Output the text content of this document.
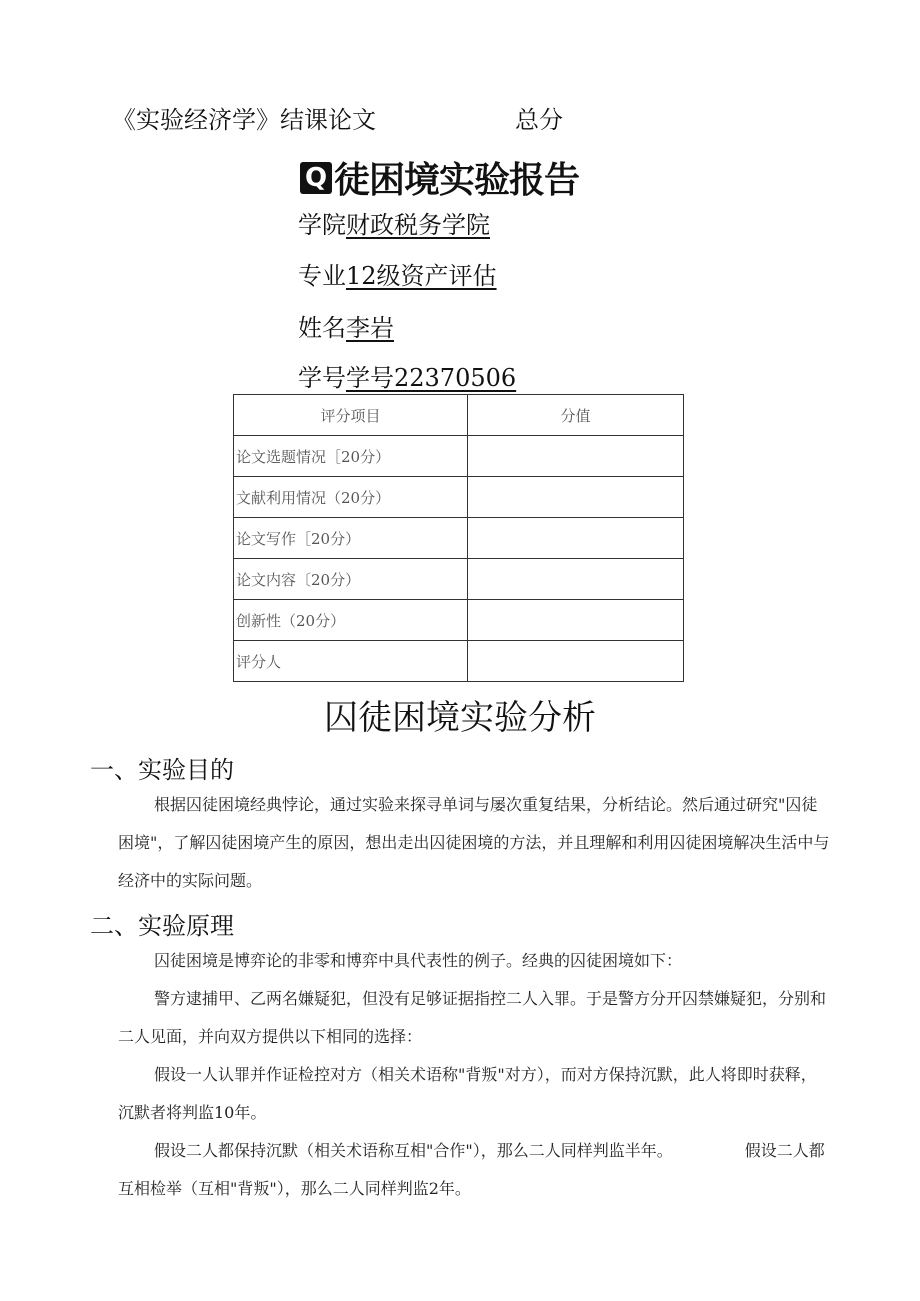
《实验经济学》结课论文	总分
Q 徒困境实验报告
学院财政税务学院
专业12级资产评估
姓名李岩
学号学号22370506
评分项目	分值
论文选题情况［20分）	
文献利用情况（20分）	
论文写作［20分）	
论文内容〔20分）	
创新性（20分）	
评分人	
囚徒困境实验分析
一、实验目的

根据囚徒困境经典悖论，通过实验来探寻单词与屡次重复结果，分析结论。然后通过研究"囚徒困境"，了解囚徒困境产生的原因，想出走出囚徒困境的方法，并且理解和利用囚徒困境解决生活中与经济中的实际问题。

二、实验原理

囚徒困境是博弈论的非零和博弈中具代表性的例子。经典的囚徒困境如下：

警方逮捕甲、乙两名嫌疑犯，但没有足够证据指控二人入罪。于是警方分开囚禁嫌疑犯，分别和二人见面，并向双方提供以下相同的选择：

假设一人认罪并作证检控对方（相关术语称"背叛"对方），而对方保持沉默，此人将即时获释，沉默者将判监10年。

假设二人都保持沉默（相关术语称互相"合作"），那么二人同样判监半年。　　　　　假设二人都互相检举（互相"背叛"），那么二人同样判监2年。
